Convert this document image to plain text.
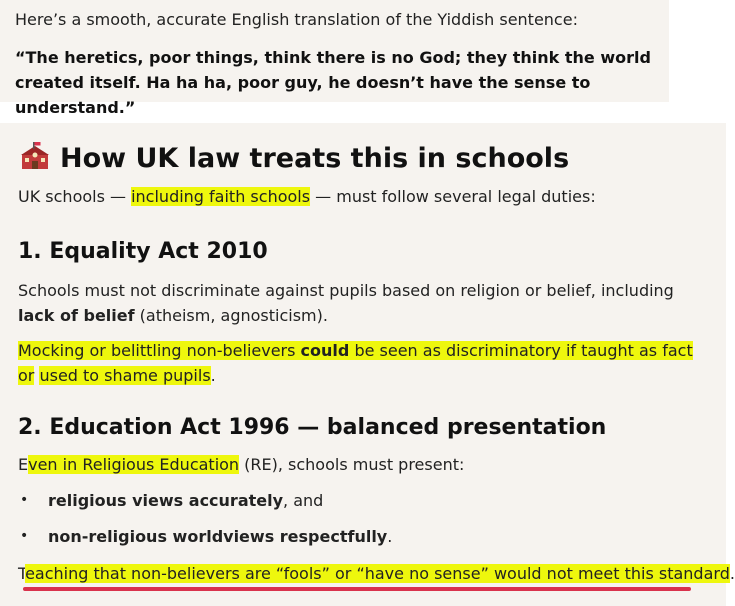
Here’s a smooth, accurate English translation of the Yiddish sentence:
“The heretics, poor things, think there is no God; they think the world created itself. Ha ha ha, poor guy, he doesn’t have the sense to understand.”
How UK law treats this in schools
UK schools — including faith schools — must follow several legal duties:
1. Equality Act 2010
Schools must not discriminate against pupils based on religion or belief, including lack of belief (atheism, agnosticism).
Mocking or belittling non-believers could be seen as discriminatory if taught as fact or used to shame pupils.
2. Education Act 1996 — balanced presentation
Even in Religious Education (RE), schools must present:
• religious views accurately, and
• non-religious worldviews respectfully.
Teaching that non-believers are “fools” or “have no sense” would not meet this standard.
